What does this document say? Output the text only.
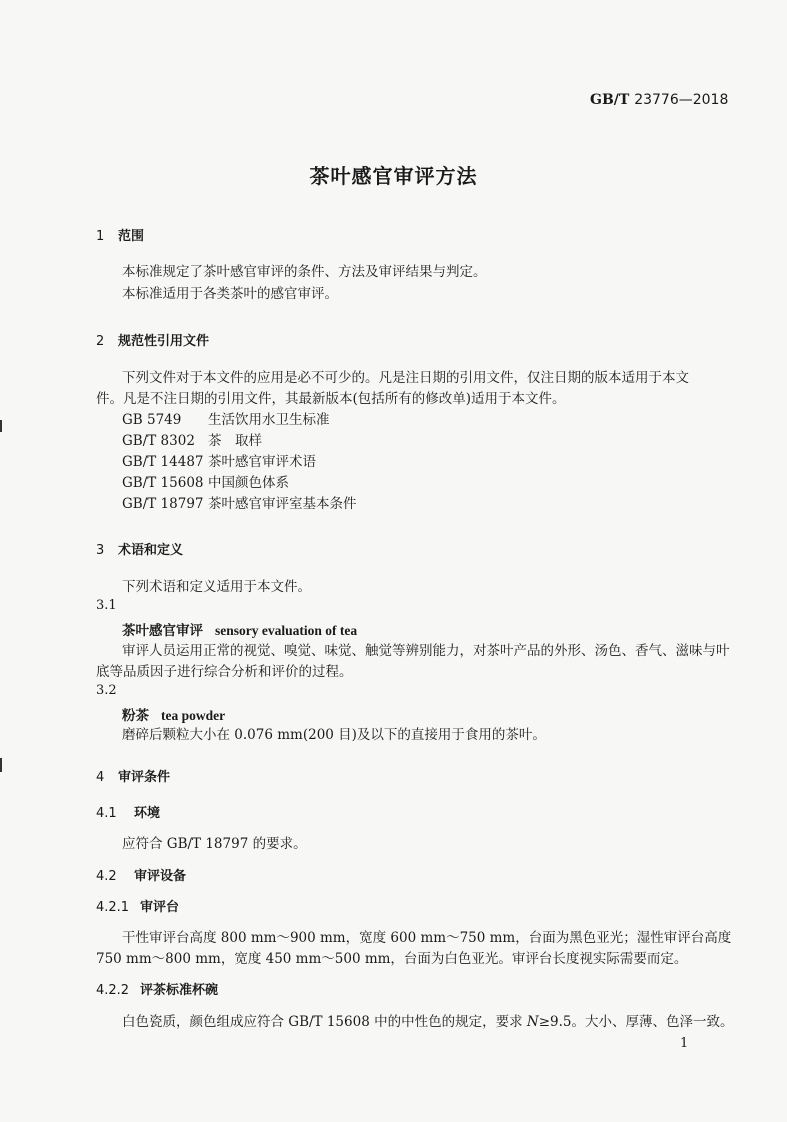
GB/T 23776—2018
茶叶感官审评方法
1 范围
本标准规定了茶叶感官审评的条件、方法及审评结果与判定。
本标准适用于各类茶叶的感官审评。
2 规范性引用文件
下列文件对于本文件的应用是必不可少的。凡是注日期的引用文件，仅注日期的版本适用于本文
件。凡是不注日期的引用文件，其最新版本(包括所有的修改单)适用于本文件。
GB 5749 生活饮用水卫生标准
GB/T 8302 茶　取样
GB/T 14487 茶叶感官审评术语
GB/T 15608 中国颜色体系
GB/T 18797 茶叶感官审评室基本条件
3 术语和定义
下列术语和定义适用于本文件。
3.1
茶叶感官审评 sensory evaluation of tea
审评人员运用正常的视觉、嗅觉、味觉、触觉等辨别能力，对茶叶产品的外形、汤色、香气、滋味与叶
底等品质因子进行综合分析和评价的过程。
3.2
粉茶 tea powder
磨碎后颗粒大小在 0.076 mm(200 目)及以下的直接用于食用的茶叶。
4 审评条件
4.1 环境
应符合 GB/T 18797 的要求。
4.2 审评设备
4.2.1 审评台
干性审评台高度 800 mm～900 mm，宽度 600 mm～750 mm，台面为黑色亚光；湿性审评台高度
750 mm～800 mm，宽度 450 mm～500 mm，台面为白色亚光。审评台长度视实际需要而定。
4.2.2 评茶标准杯碗
白色瓷质，颜色组成应符合 GB/T 15608 中的中性色的规定，要求 N≥9.5。大小、厚薄、色泽一致。
1
